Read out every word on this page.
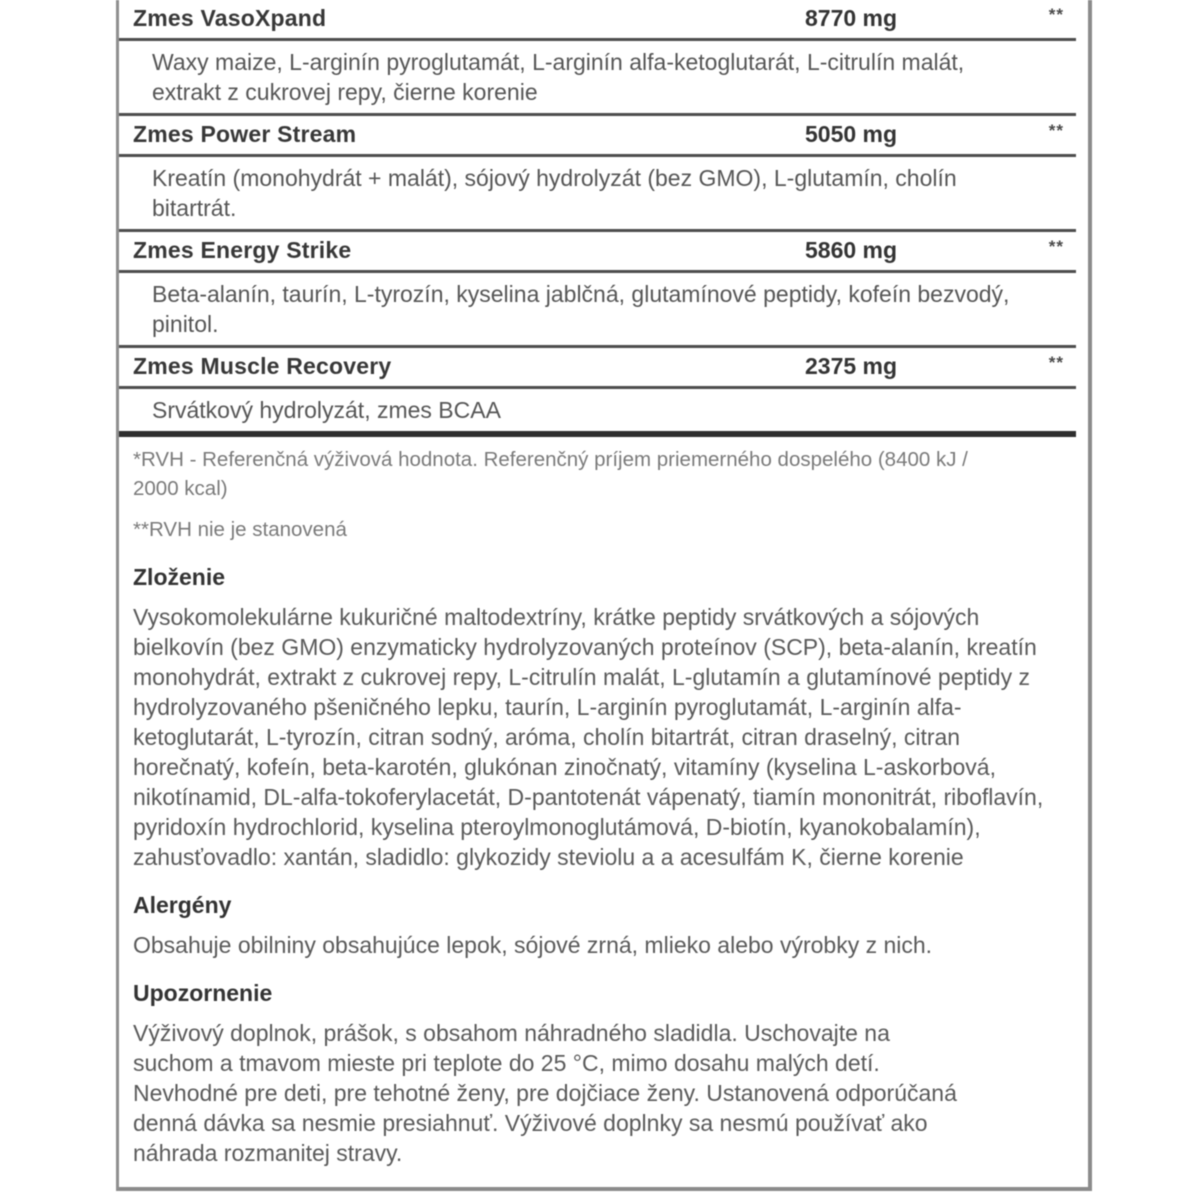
Zmes VasoXpand	8770 mg	**
Waxy maize, L-arginín pyroglutamát, L-arginín alfa-ketoglutarát, L-citrulín malát, extrakt z cukrovej repy, čierne korenie
Zmes Power Stream	5050 mg	**
Kreatín (monohydrát + malát), sójový hydrolyzát (bez GMO), L-glutamín, cholín bitartrát.
Zmes Energy Strike	5860 mg	**
Beta-alanín, taurín, L-tyrozín, kyselina jablčná, glutamínové peptidy, kofeín bezvodý, pinitol.
Zmes Muscle Recovery	2375 mg	**
Srvátkový hydrolyzát, zmes BCAA

*RVH - Referenčná výživová hodnota. Referenčný príjem priemerného dospelého (8400 kJ / 2000 kcal)

**RVH nie je stanovená

Zloženie

Vysokomolekulárne kukuričné maltodextríny, krátke peptidy srvátkových a sójových bielkovín (bez GMO) enzymaticky hydrolyzovaných proteínov (SCP), beta-alanín, kreatín monohydrát, extrakt z cukrovej repy, L-citrulín malát, L-glutamín a glutamínové peptidy z hydrolyzovaného pšeničného lepku, taurín, L-arginín pyroglutamát, L-arginín alfa-ketoglutarát, L-tyrozín, citran sodný, aróma, cholín bitartrát, citran draselný, citran horečnatý, kofeín, beta-karotén, glukónan zinočnatý, vitamíny (kyselina L-askorbová, nikotínamid, DL-alfa-tokoferylacetát, D-pantotenát vápenatý, tiamín mononitrát, riboflavín, pyridoxín hydrochlorid, kyselina pteroylmonoglutámová, D-biotín, kyanokobalamín), zahusťovadlo: xantán, sladidlo: glykozidy steviolu a a acesulfám K, čierne korenie

Alergény

Obsahuje obilniny obsahujúce lepok, sójové zrná, mlieko alebo výrobky z nich.

Upozornenie

Výživový doplnok, prášok, s obsahom náhradného sladidla. Uschovajte na suchom a tmavom mieste pri teplote do 25 °C, mimo dosahu malých detí. Nevhodné pre deti, pre tehotné ženy, pre dojčiace ženy. Ustanovená odporúčaná denná dávka sa nesmie presiahnuť. Výživové doplnky sa nesmú používať ako náhrada rozmanitej stravy.
